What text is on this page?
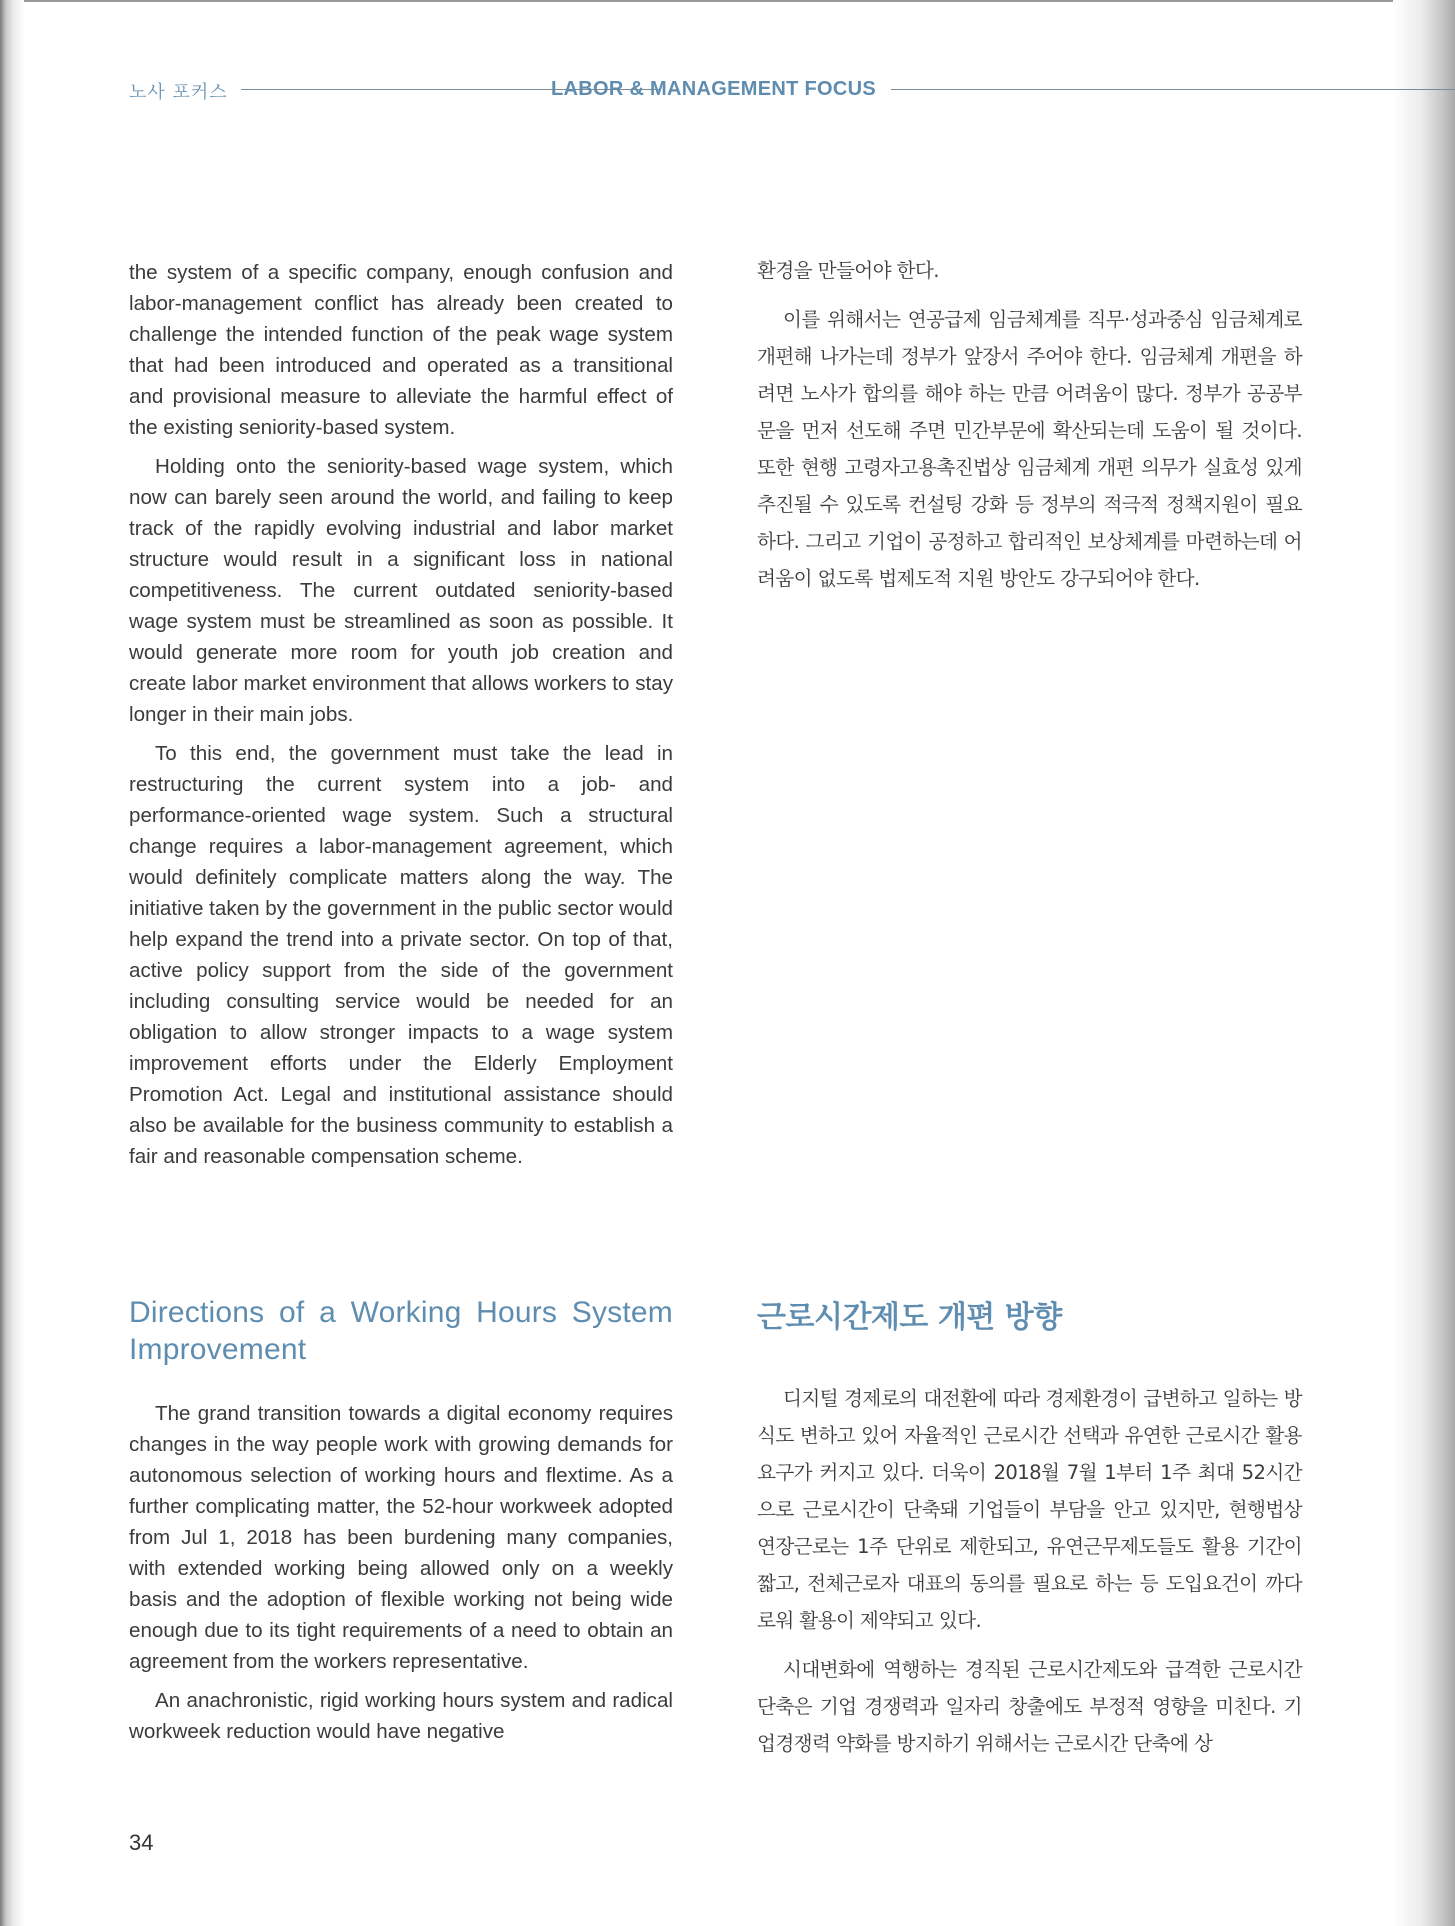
노사 포커스	LABOR & MANAGEMENT FOCUS

the system of a specific company, enough confusion and labor-management conflict has already been created to challenge the intended function of the peak wage system that had been introduced and operated as a transitional and provisional measure to alleviate the harmful effect of the existing seniority-based system.

Holding onto the seniority-based wage system, which now can barely seen around the world, and failing to keep track of the rapidly evolving industrial and labor market structure would result in a significant loss in national competitiveness. The current outdated seniority-based wage system must be streamlined as soon as possible. It would generate more room for youth job creation and create labor market environment that allows workers to stay longer in their main jobs.

To this end, the government must take the lead in restructuring the current system into a job- and performance-oriented wage system. Such a structural change requires a labor-management agreement, which would definitely complicate matters along the way. The initiative taken by the government in the public sector would help expand the trend into a private sector. On top of that, active policy support from the side of the government including consulting service would be needed for an obligation to allow stronger impacts to a wage system improvement efforts under the Elderly Employment Promotion Act. Legal and institutional assistance should also be available for the business community to establish a fair and reasonable compensation scheme.

환경을 만들어야 한다.

이를 위해서는 연공급제 임금체계를 직무·성과중심 임금체계로 개편해 나가는데 정부가 앞장서 주어야 한다. 임금체계 개편을 하려면 노사가 합의를 해야 하는 만큼 어려움이 많다. 정부가 공공부문을 먼저 선도해 주면 민간부문에 확산되는데 도움이 될 것이다. 또한 현행 고령자고용촉진법상 임금체계 개편 의무가 실효성 있게 추진될 수 있도록 컨설팅 강화 등 정부의 적극적 정책지원이 필요하다. 그리고 기업이 공정하고 합리적인 보상체계를 마련하는데 어려움이 없도록 법제도적 지원 방안도 강구되어야 한다.

Directions of a Working Hours System Improvement
근로시간제도 개편 방향

The grand transition towards a digital economy requires changes in the way people work with growing demands for autonomous selection of working hours and flextime. As a further complicating matter, the 52-hour workweek adopted from Jul 1, 2018 has been burdening many companies, with extended working being allowed only on a weekly basis and the adoption of flexible working not being wide enough due to its tight requirements of a need to obtain an agreement from the workers representative.

An anachronistic, rigid working hours system and radical workweek reduction would have negative

디지털 경제로의 대전환에 따라 경제환경이 급변하고 일하는 방식도 변하고 있어 자율적인 근로시간 선택과 유연한 근로시간 활용 요구가 커지고 있다. 더욱이 2018월 7월 1부터 1주 최대 52시간으로 근로시간이 단축돼 기업들이 부담을 안고 있지만, 현행법상 연장근로는 1주 단위로 제한되고, 유연근무제도들도 활용 기간이 짧고, 전체근로자 대표의 동의를 필요로 하는 등 도입요건이 까다로워 활용이 제약되고 있다.

시대변화에 역행하는 경직된 근로시간제도와 급격한 근로시간 단축은 기업 경쟁력과 일자리 창출에도 부정적 영향을 미친다. 기업경쟁력 약화를 방지하기 위해서는 근로시간 단축에 상

34
